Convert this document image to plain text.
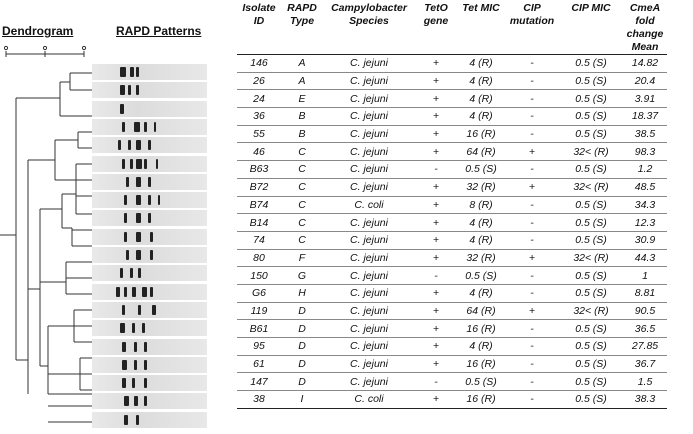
Dendrogram	RAPD Patterns
Isolate ID	RAPD Type	Campylobacter Species	TetO gene	Tet MIC	CIP mutation	CIP MIC	CmeA fold change Mean
146	A	C. jejuni	+	4 (R)	-	0.5 (S)	14.82
26	A	C. jejuni	+	4 (R)	-	0.5 (S)	20.4
24	E	C. jejuni	+	4 (R)	-	0.5 (S)	3.91
36	B	C. jejuni	+	4 (R)	-	0.5 (S)	18.37
55	B	C. jejuni	+	16 (R)	-	0.5 (S)	38.5
46	C	C. jejuni	+	64 (R)	+	32< (R)	98.3
B63	C	C. jejuni	-	0.5 (S)	-	0.5 (S)	1.2
B72	C	C. jejuni	+	32 (R)	+	32< (R)	48.5
B74	C	C. coli	+	8 (R)	-	0.5 (S)	34.3
B14	C	C. jejuni	+	4 (R)	-	0.5 (S)	12.3
74	C	C. jejuni	+	4 (R)	-	0.5 (S)	30.9
80	F	C. jejuni	+	32 (R)	+	32< (R)	44.3
150	G	C. jejuni	-	0.5 (S)	-	0.5 (S)	1
G6	H	C. jejuni	+	4 (R)	-	0.5 (S)	8.81
119	D	C. jejuni	+	64 (R)	+	32< (R)	90.5
B61	D	C. jejuni	+	16 (R)	-	0.5 (S)	36.5
95	D	C. jejuni	+	4 (R)	-	0.5 (S)	27.85
61	D	C. jejuni	+	16 (R)	-	0.5 (S)	36.7
147	D	C. jejuni	-	0.5 (S)	-	0.5 (S)	1.5
38	I	C. coli	+	16 (R)	-	0.5 (S)	38.3
